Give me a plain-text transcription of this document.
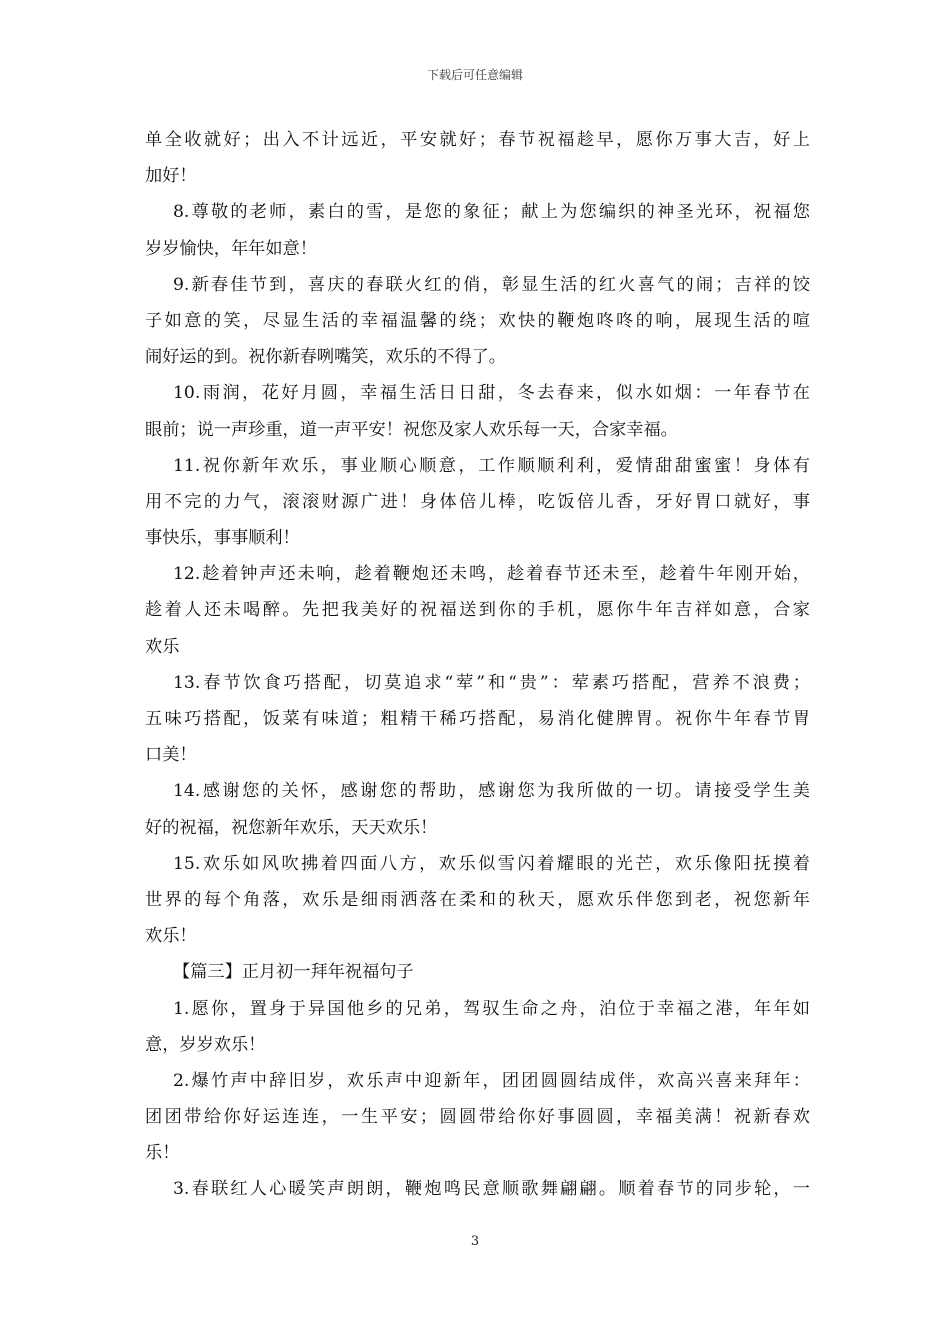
下载后可任意编辑
单全收就好；出入不计远近，平安就好；春节祝福趁早，愿你万事大吉，好上
加好！
8.尊敬的老师，素白的雪，是您的象征；献上为您编织的神圣光环，祝福您
岁岁愉快，年年如意！
9.新春佳节到，喜庆的春联火红的俏，彰显生活的红火喜气的闹；吉祥的饺
子如意的笑，尽显生活的幸福温馨的绕；欢快的鞭炮咚咚的响，展现生活的喧
闹好运的到。祝你新春咧嘴笑，欢乐的不得了。
10.雨润，花好月圆，幸福生活日日甜，冬去春来，似水如烟：一年春节在
眼前；说一声珍重，道一声平安！祝您及家人欢乐每一天，合家幸福。
11.祝你新年欢乐，事业顺心顺意，工作顺顺利利，爱情甜甜蜜蜜！身体有
用不完的力气，滚滚财源广进！身体倍儿棒，吃饭倍儿香，牙好胃口就好，事
事快乐，事事顺利！
12.趁着钟声还未响，趁着鞭炮还未鸣，趁着春节还未至，趁着牛年刚开始，
趁着人还未喝醉。先把我美好的祝福送到你的手机，愿你牛年吉祥如意，合家
欢乐
13.春节饮食巧搭配，切莫追求“荤”和“贵”：荤素巧搭配，营养不浪费；
五味巧搭配，饭菜有味道；粗精干稀巧搭配，易消化健脾胃。祝你牛年春节胃
口美！
14.感谢您的关怀，感谢您的帮助，感谢您为我所做的一切。请接受学生美
好的祝福，祝您新年欢乐，天天欢乐！
15.欢乐如风吹拂着四面八方，欢乐似雪闪着耀眼的光芒，欢乐像阳抚摸着
世界的每个角落，欢乐是细雨洒落在柔和的秋天，愿欢乐伴您到老，祝您新年
欢乐！
【篇三】正月初一拜年祝福句子
1.愿你，置身于异国他乡的兄弟，驾驭生命之舟，泊位于幸福之港，年年如
意，岁岁欢乐！
2.爆竹声中辞旧岁，欢乐声中迎新年，团团圆圆结成伴，欢高兴喜来拜年：
团团带给你好运连连，一生平安；圆圆带给你好事圆圆，幸福美满！祝新春欢
乐！
3.春联红人心暖笑声朗朗，鞭炮鸣民意顺歌舞翩翩。顺着春节的同步轮，一
3
